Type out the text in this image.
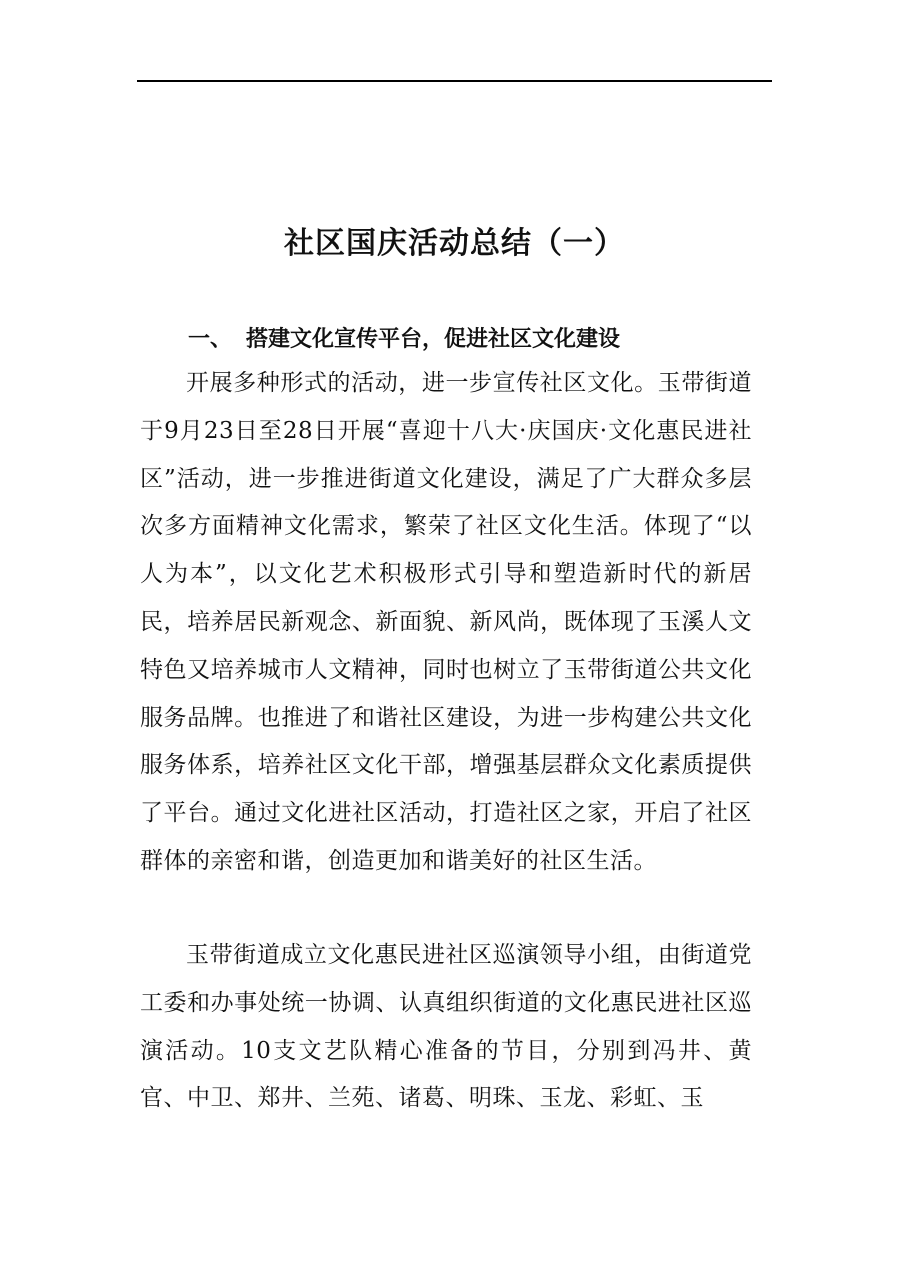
社区国庆活动总结（一）
一、 搭建文化宣传平台，促进社区文化建设

开展多种形式的活动，进一步宣传社区文化。玉带街道于9月23日至28日开展“喜迎十八大·庆国庆·文化惠民进社区”活动，进一步推进街道文化建设，满足了广大群众多层次多方面精神文化需求，繁荣了社区文化生活。体现了“以人为本”，以文化艺术积极形式引导和塑造新时代的新居民，培养居民新观念、新面貌、新风尚，既体现了玉溪人文特色又培养城市人文精神，同时也树立了玉带街道公共文化服务品牌。也推进了和谐社区建设，为进一步构建公共文化服务体系，培养社区文化干部，增强基层群众文化素质提供了平台。通过文化进社区活动，打造社区之家，开启了社区群体的亲密和谐，创造更加和谐美好的社区生活。

玉带街道成立文化惠民进社区巡演领导小组，由街道党工委和办事处统一协调、认真组织街道的文化惠民进社区巡演活动。10支文艺队精心准备的节目，分别到冯井、黄官、中卫、郑井、兰苑、诸葛、明珠、玉龙、彩虹、玉
